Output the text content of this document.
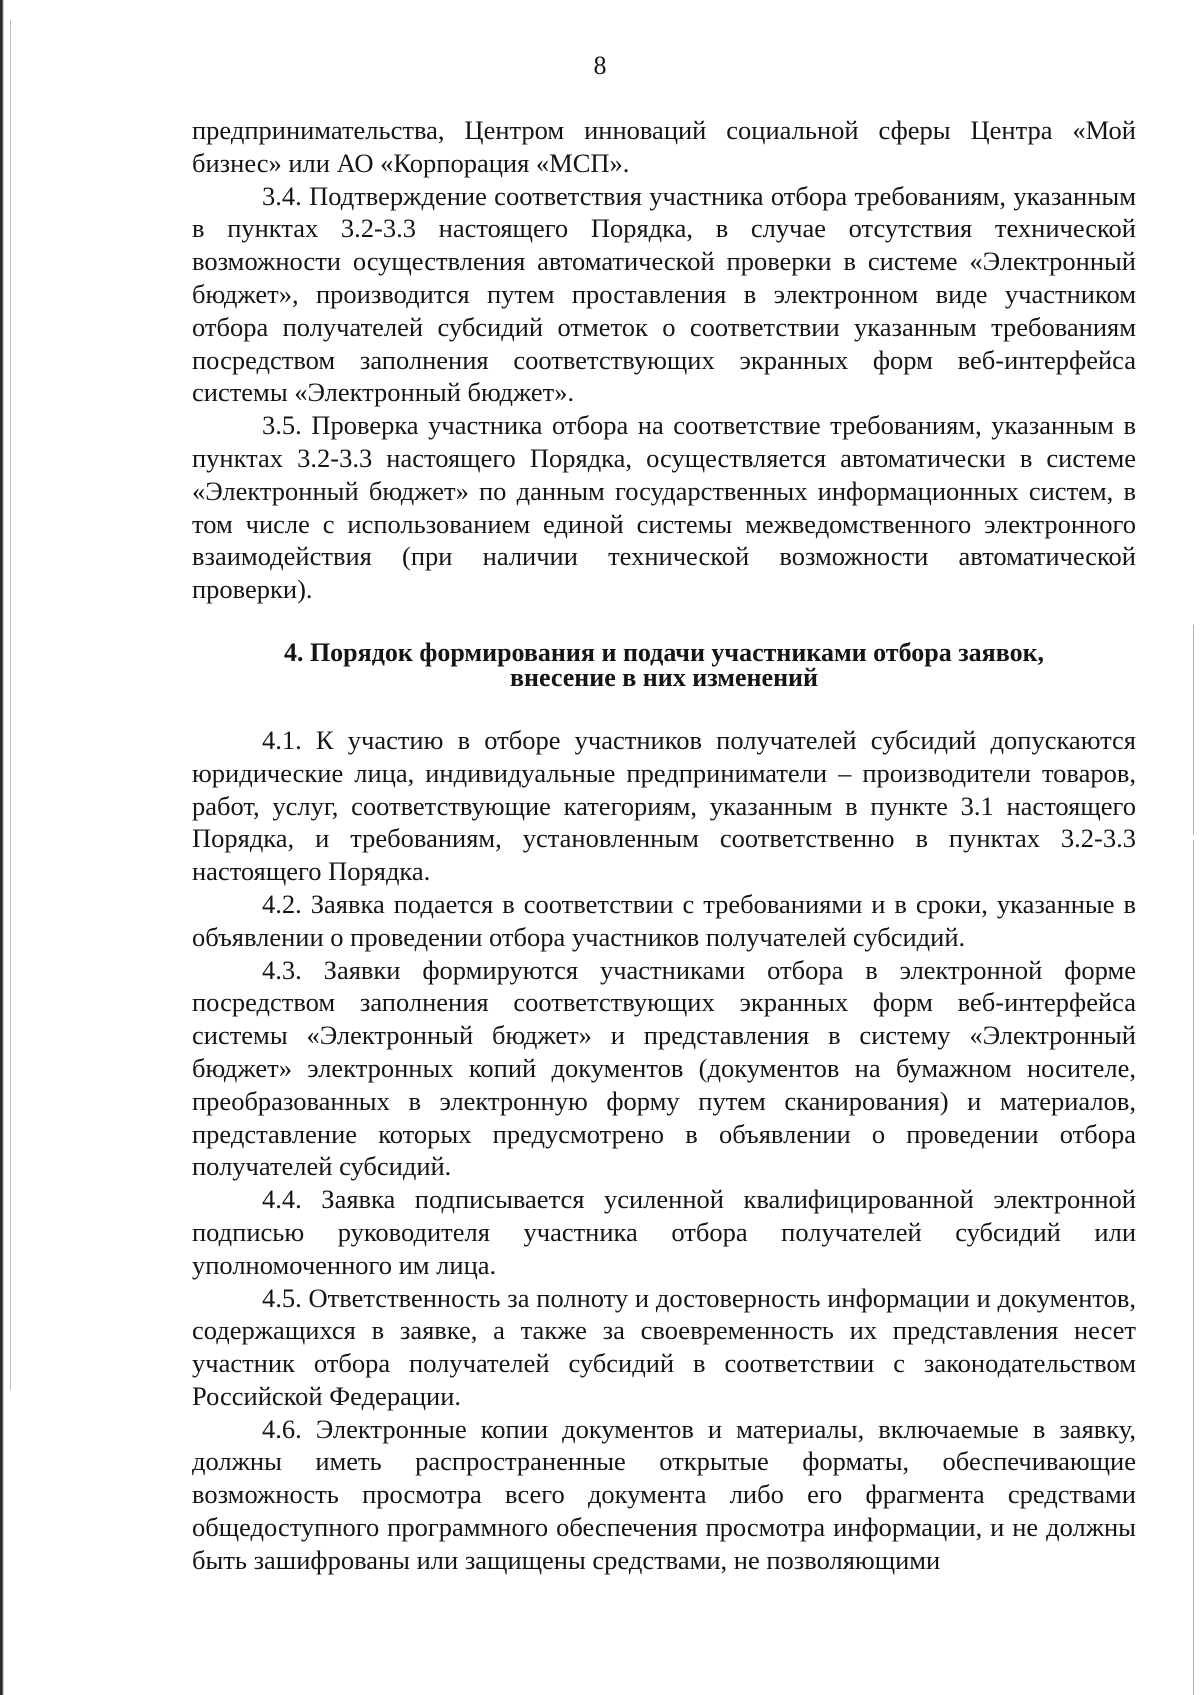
8

предпринимательства, Центром инноваций социальной сферы Центра «Мой бизнес» или АО «Корпорация «МСП».

3.4. Подтверждение соответствия участника отбора требованиям, указанным в пунктах 3.2-3.3 настоящего Порядка, в случае отсутствия технической возможности осуществления автоматической проверки в системе «Электронный бюджет», производится путем проставления в электронном виде участником отбора получателей субсидий отметок о соответствии указанным требованиям посредством заполнения соответствующих экранных форм веб-интерфейса системы «Электронный бюджет».

3.5. Проверка участника отбора на соответствие требованиям, указанным в пунктах 3.2-3.3 настоящего Порядка, осуществляется автоматически в системе «Электронный бюджет» по данным государственных информационных систем, в том числе с использованием единой системы межведомственного электронного взаимодействия (при наличии технической возможности автоматической проверки).

4. Порядок формирования и подачи участниками отбора заявок,
внесение в них изменений

4.1. К участию в отборе участников получателей субсидий допускаются юридические лица, индивидуальные предприниматели – производители товаров, работ, услуг, соответствующие категориям, указанным в пункте 3.1 настоящего Порядка, и требованиям, установленным соответственно в пунктах 3.2-3.3 настоящего Порядка.

4.2. Заявка подается в соответствии с требованиями и в сроки, указанные в объявлении о проведении отбора участников получателей субсидий.

4.3. Заявки формируются участниками отбора в электронной форме посредством заполнения соответствующих экранных форм веб-интерфейса системы «Электронный бюджет» и представления в систему «Электронный бюджет» электронных копий документов (документов на бумажном носителе, преобразованных в электронную форму путем сканирования) и материалов, представление которых предусмотрено в объявлении о проведении отбора получателей субсидий.

4.4. Заявка подписывается усиленной квалифицированной электронной подписью руководителя участника отбора получателей субсидий или уполномоченного им лица.

4.5. Ответственность за полноту и достоверность информации и документов, содержащихся в заявке, а также за своевременность их представления несет участник отбора получателей субсидий в соответствии с законодательством Российской Федерации.

4.6. Электронные копии документов и материалы, включаемые в заявку, должны иметь распространенные открытые форматы, обеспечивающие возможность просмотра всего документа либо его фрагмента средствами общедоступного программного обеспечения просмотра информации, и не должны быть зашифрованы или защищены средствами, не позволяющими
